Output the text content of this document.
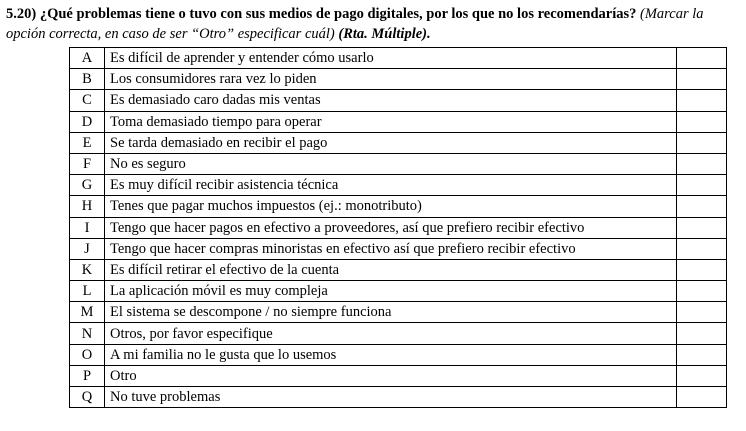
5.20) ¿Qué problemas tiene o tuvo con sus medios de pago digitales, por los que no los recomendarías? (Marcar la opción correcta, en caso de ser “Otro” especificar cuál) (Rta. Múltiple).
A	Es difícil de aprender y entender cómo usarlo	
B	Los consumidores rara vez lo piden	
C	Es demasiado caro dadas mis ventas	
D	Toma demasiado tiempo para operar	
E	Se tarda demasiado en recibir el pago	
F	No es seguro	
G	Es muy difícil recibir asistencia técnica	
H	Tenes que pagar muchos impuestos (ej.: monotributo)	
I	Tengo que hacer pagos en efectivo a proveedores, así que prefiero recibir efectivo	
J	Tengo que hacer compras minoristas en efectivo así que prefiero recibir efectivo	
K	Es difícil retirar el efectivo de la cuenta	
L	La aplicación móvil es muy compleja	
M	El sistema se descompone / no siempre funciona	
N	Otros, por favor especifique	
O	A mi familia no le gusta que lo usemos	
P	Otro	
Q	No tuve problemas	
